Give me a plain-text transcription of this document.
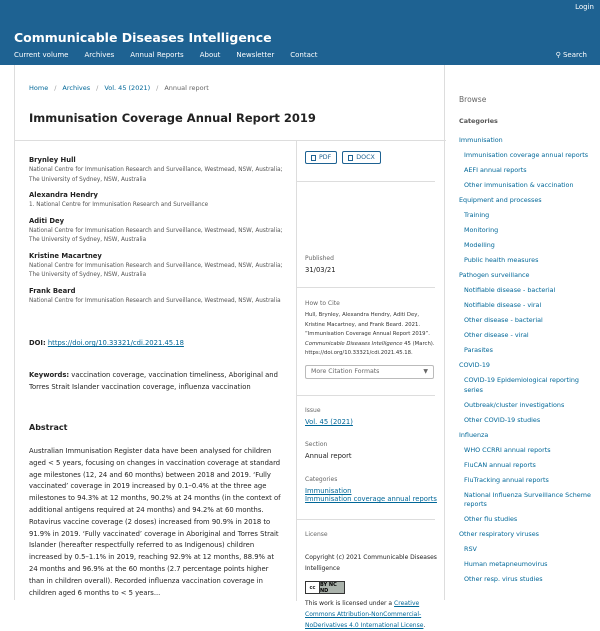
Login
Communicable Diseases Intelligence
Current volume Archives Annual Reports About Newsletter Contact	⚲ Search
Home / Archives / Vol. 45 (2021) / Annual report
Immunisation Coverage Annual Report 2019
Brynley Hull
National Centre for Immunisation Research and Surveillance, Westmead, NSW, Australia; The University of Sydney, NSW, Australia
Alexandra Hendry
1. National Centre for Immunisation Research and Surveillance
Aditi Dey
National Centre for Immunisation Research and Surveillance, Westmead, NSW, Australia; The University of Sydney, NSW, Australia
Kristine Macartney
National Centre for Immunisation Research and Surveillance, Westmead, NSW, Australia; The University of Sydney, NSW, Australia
Frank Beard
National Centre for Immunisation Research and Surveillance, Westmead, NSW, Australia
DOI: https://doi.org/10.33321/cdi.2021.45.18
Keywords: vaccination coverage, vaccination timeliness, Aboriginal and Torres Strait Islander vaccination coverage, influenza vaccination
Abstract
Australian Immunisation Register data have been analysed for children aged < 5 years, focusing on changes in vaccination coverage at standard age milestones (12, 24 and 60 months) between 2018 and 2019. ‘Fully vaccinated’ coverage in 2019 increased by 0.1–0.4% at the three age milestones to 94.3% at 12 months, 90.2% at 24 months (in the context of additional antigens required at 24 months) and 94.2% at 60 months. Rotavirus vaccine coverage (2 doses) increased from 90.9% in 2018 to 91.9% in 2019. ‘Fully vaccinated’ coverage in Aboriginal and Torres Strait Islander (hereafter respectfully referred to as Indigenous) children increased by 0.5–1.1% in 2019, reaching 92.9% at 12 months, 88.9% at 24 months and 96.9% at the 60 months (2.7 percentage points higher than in children overall). Recorded influenza vaccination coverage in children aged 6 months to < 5 years...
PDF	DOCX
Published
31/03/21
How to Cite
Hull, Brynley, Alexandra Hendry, Aditi Dey, Kristine Macartney, and Frank Beard. 2021. “Immunisation Coverage Annual Report 2019”. Communicable Diseases Intelligence 45 (March). https://doi.org/10.33321/cdi.2021.45.18.
More Citation Formats	▼
Issue
Vol. 45 (2021)
Section
Annual report
Categories
Immunisation
Immunisation coverage annual reports
License
Copyright (c) 2021 Communicable Diseases Intelligence
cc BY NC ND
This work is licensed under a Creative Commons Attribution-NonCommercial-NoDerivatives 4.0 International License.
Browse
Categories
Immunisation
Immunisation coverage annual reports
AEFI annual reports
Other immunisation & vaccination
Equipment and processes
Training
Monitoring
Modelling
Public health measures
Pathogen surveillance
Notifiable disease - bacterial
Notifiable disease - viral
Other disease - bacterial
Other disease - viral
Parasites
COVID-19
COVID-19 Epidemiological reporting series
Outbreak/cluster investigations
Other COVID-19 studies
Influenza
WHO CCRRI annual reports
FluCAN annual reports
FluTracking annual reports
National Influenza Surveillance Scheme reports
Other flu studies
Other respiratory viruses
RSV
Human metapneumovirus
Other resp. virus studies
